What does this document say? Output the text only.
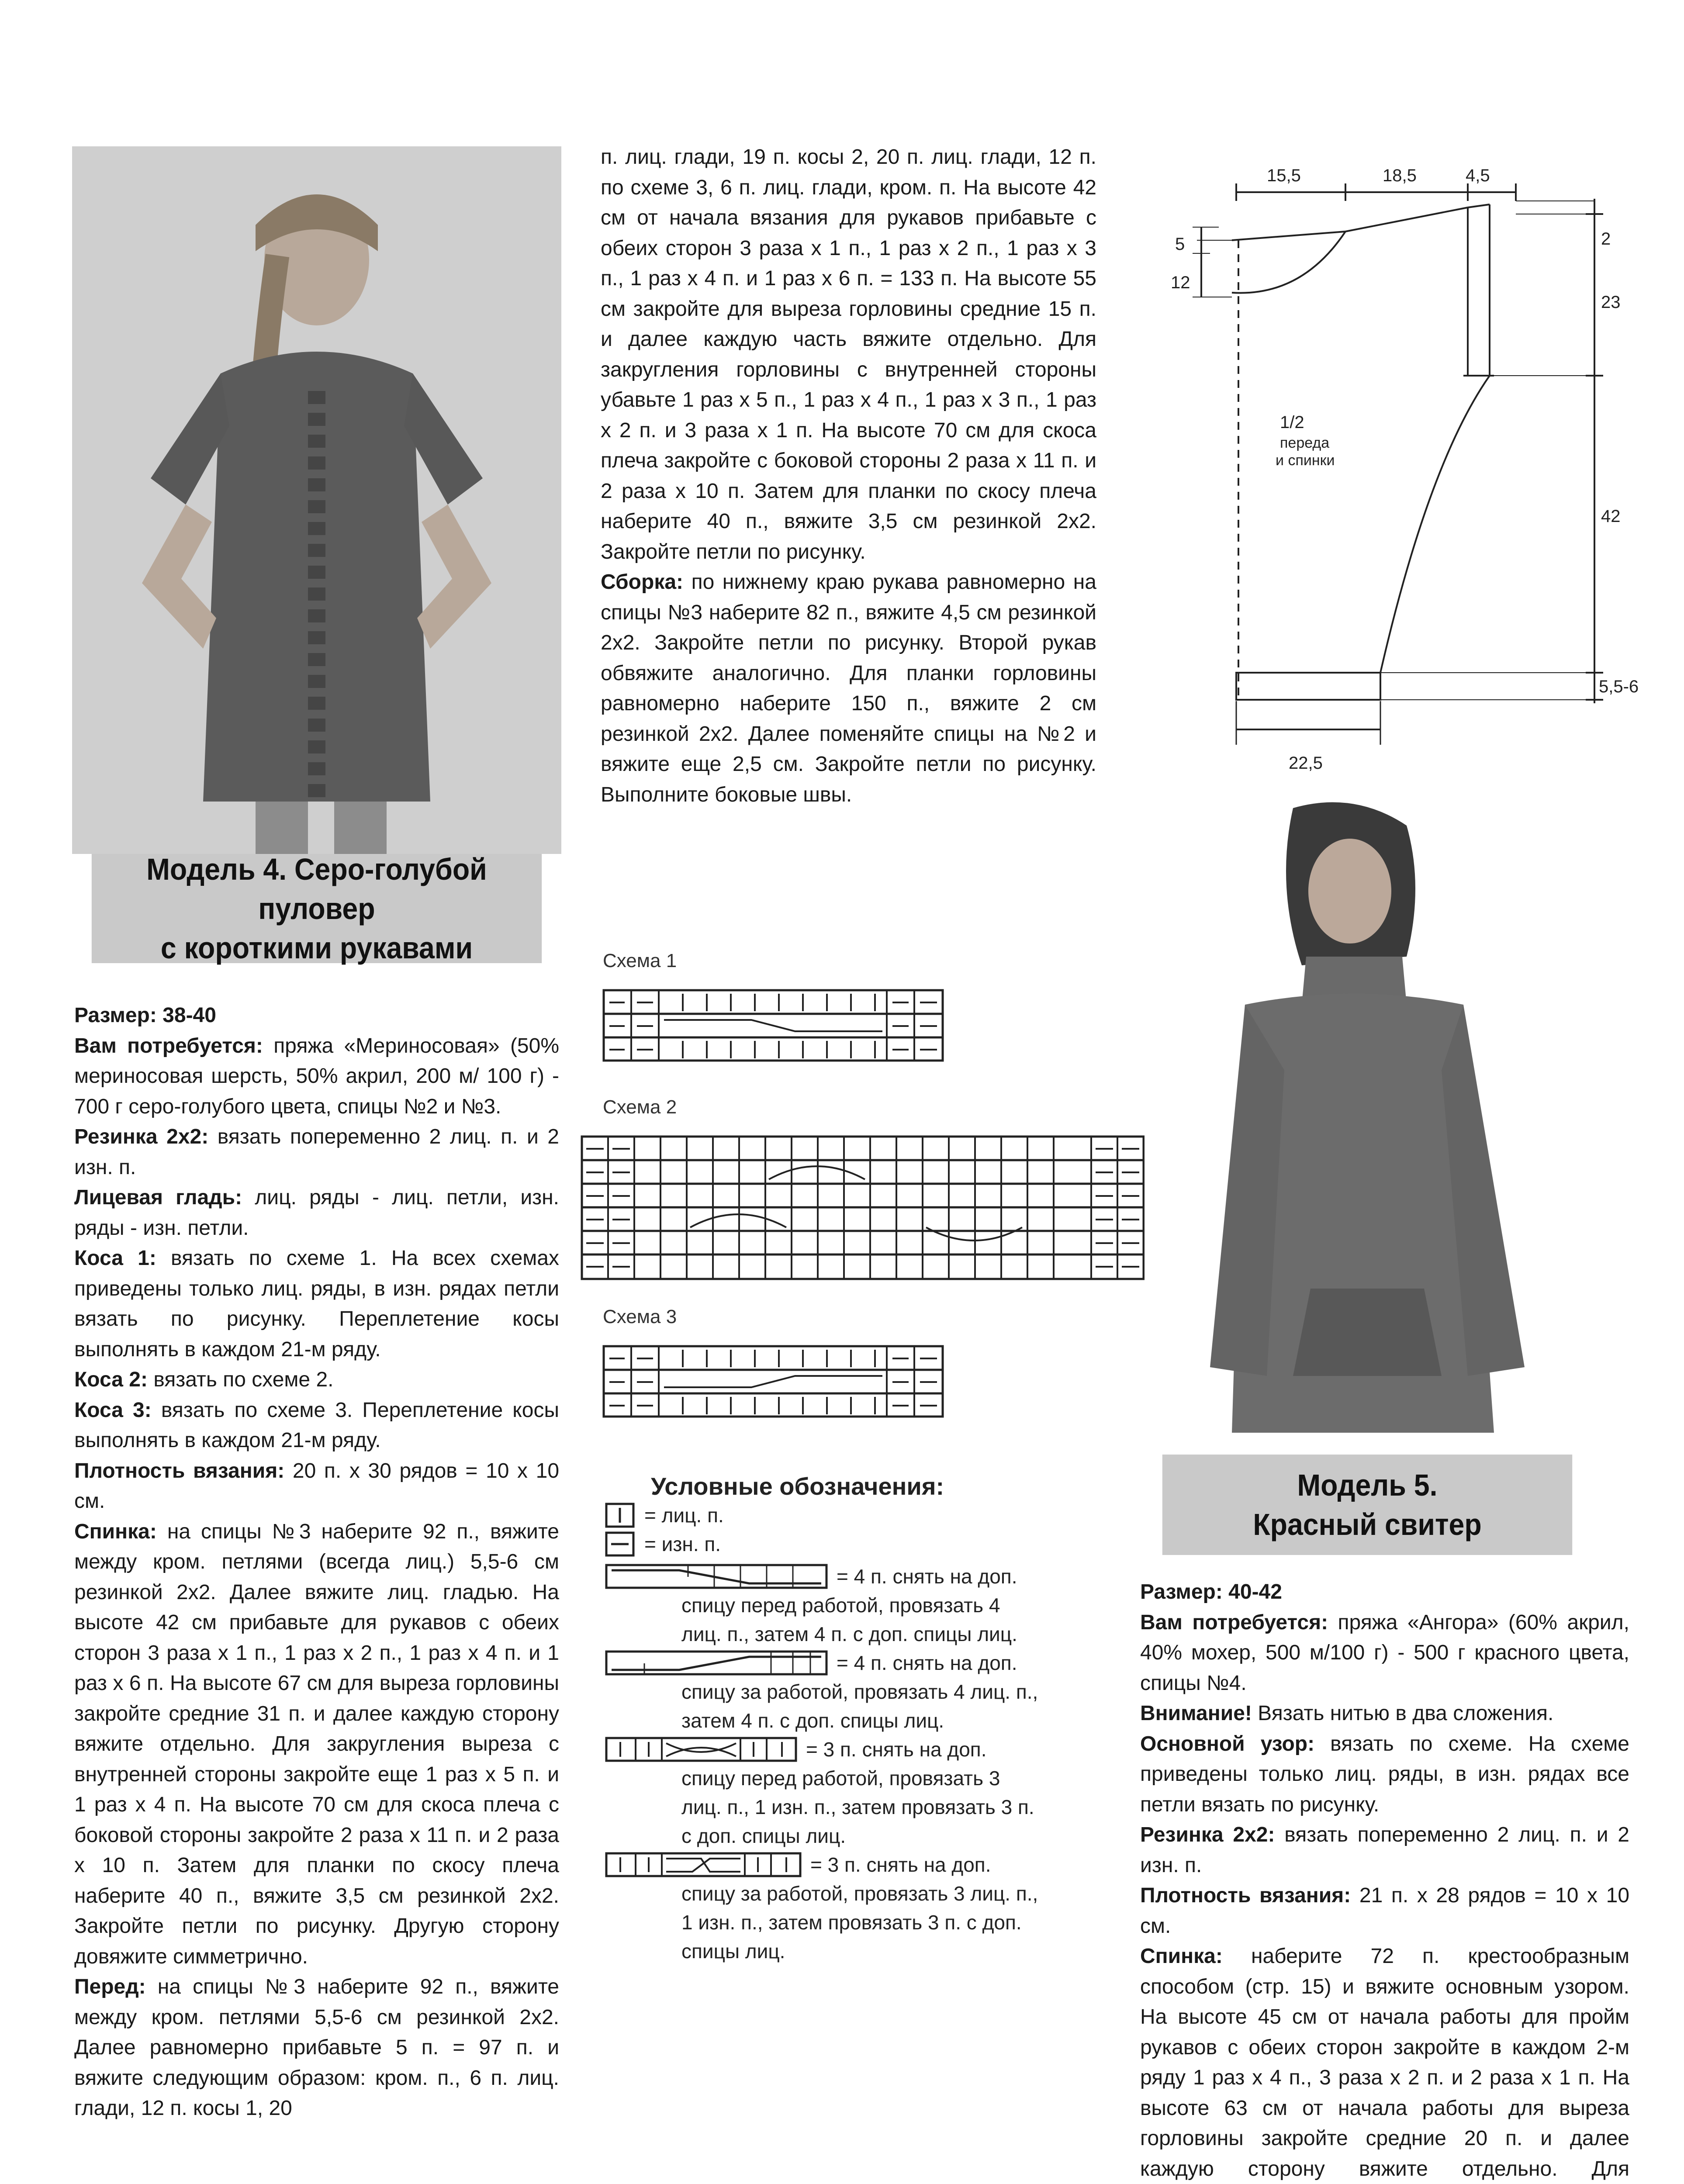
Модель 4. Серо-голубой пуловер
с короткими рукавами

Размер: 38-40

Вам потребуется: пряжа «Мериносовая» (50% мериносовая шерсть, 50% акрил, 200 м/ 100 г) - 700 г серо-голубого цвета, спицы №2 и №3.

Резинка 2х2: вязать попеременно 2 лиц. п. и 2 изн. п.

Лицевая гладь: лиц. ряды - лиц. петли, изн. ряды - изн. петли.

Коса 1: вязать по схеме 1. На всех схемах приведены только лиц. ряды, в изн. рядах петли вязать по рисунку. Переплетение косы выполнять в каждом 21-м ряду.

Коса 2: вязать по схеме 2.

Коса 3: вязать по схеме 3. Переплетение косы выполнять в каждом 21-м ряду.

Плотность вязания: 20 п. х 30 рядов = 10 х 10 см.

Спинка: на спицы №3 наберите 92 п., вяжите между кром. петлями (всегда лиц.) 5,5-6 см резинкой 2х2. Далее вяжите лиц. гладью. На высоте 42 см прибавьте для рукавов с обеих сторон 3 раза х 1 п., 1 раз х 2 п., 1 раз х 4 п. и 1 раз х 6 п. На высоте 67 см для выреза горловины закройте средние 31 п. и далее каждую сторону вяжите отдельно. Для закругления выреза с внутренней стороны закройте еще 1 раз х 5 п. и 1 раз х 4 п. На высоте 70 см для скоса плеча с боковой стороны закройте 2 раза х 11 п. и 2 раза х 10 п. Затем для планки по скосу плеча наберите 40 п., вяжите 3,5 см резинкой 2х2. Закройте петли по рисунку. Другую сторону довяжите симметрично.

Перед: на спицы №3 наберите 92 п., вяжите между кром. петлями 5,5-6 см резинкой 2х2. Далее равномерно прибавьте 5 п. = 97 п. и вяжите следующим образом: кром. п., 6 п. лиц. глади, 12 п. косы 1, 20

п. лиц. глади, 19 п. косы 2, 20 п. лиц. глади, 12 п. по схеме 3, 6 п. лиц. глади, кром. п. На высоте 42 см от начала вязания для рукавов прибавьте с обеих сторон 3 раза х 1 п., 1 раз х 2 п., 1 раз х 3 п., 1 раз х 4 п. и 1 раз х 6 п. = 133 п. На высоте 55 см закройте для выреза горловины средние 15 п. и далее каждую часть вяжите отдельно. Для закругления горловины с внутренней стороны убавьте 1 раз х 5 п., 1 раз х 4 п., 1 раз х 3 п., 1 раз х 2 п. и 3 раза х 1 п. На высоте 70 см для скоса плеча закройте с боковой стороны 2 раза х 11 п. и 2 раза х 10 п. Затем для планки по скосу плеча наберите 40 п., вяжите 3,5 см резинкой 2х2. Закройте петли по рисунку.

Сборка: по нижнему краю рукава равномерно на спицы №3 наберите 82 п., вяжите 4,5 см резинкой 2х2. Закройте петли по рисунку. Второй рукав обвяжите аналогично. Для планки горловины равномерно наберите 150 п., вяжите 2 см резинкой 2х2. Далее поменяйте спицы на №2 и вяжите еще 2,5 см. Закройте петли по рисунку. Выполните боковые швы.

Схема 1
Схема 2
Схема 3
Условные обозначения:
= лиц. п.
= изн. п.
= 4 п. снять на доп.
спицу перед работой, провязать 4
лиц. п., затем 4 п. с доп. спицы лиц.
= 4 п. снять на доп.
спицу за работой, провязать 4 лиц. п.,
затем 4 п. с доп. спицы лиц.
= 3 п. снять на доп.
спицу перед работой, провязать 3
лиц. п., 1 изн. п., затем провязать 3 п.
с доп. спицы лиц.
= 3 п. снять на доп.
спицу за работой, провязать 3 лиц. п.,
1 изн. п., затем провязать 3 п. с доп.
спицы лиц.
15,5	18,5	4,5
5
12
2
23
42
5,5-6
22,5
1/2
переда
и спинки
Модель 5.
Красный свитер

Размер: 40-42

Вам потребуется: пряжа «Ангора» (60% акрил, 40% мохер, 500 м/100 г) - 500 г красного цвета, спицы №4.

Внимание! Вязать нитью в два сложения.

Основной узор: вязать по схеме. На схеме приведены только лиц. ряды, в изн. рядах все петли вязать по рисунку.

Резинка 2х2: вязать попеременно 2 лиц. п. и 2 изн. п.

Плотность вязания: 21 п. х 28 рядов = 10 х 10 см.

Спинка: наберите 72 п. крестообразным способом (стр. 15) и вяжите основным узором. На высоте 45 см от начала работы для пройм рукавов с обеих сторон закройте в каждом 2-м ряду 1 раз х 4 п., 3 раза х 2 п. и 2 раза х 1 п. На высоте 63 см от начала работы для выреза горловины закройте средние 20 п. и далее каждую сторону вяжите отдельно. Для
